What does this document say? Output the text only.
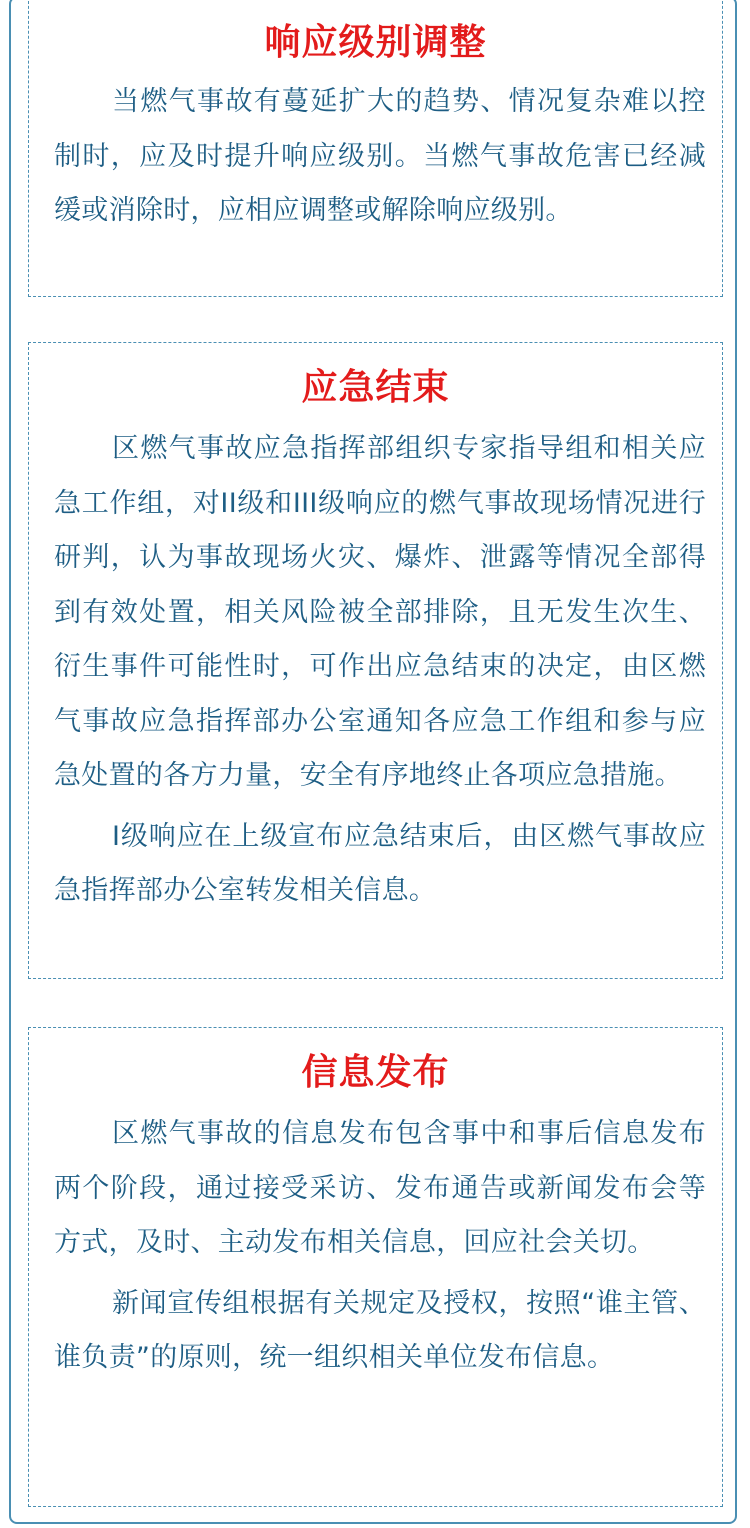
响应级别调整

当燃气事故有蔓延扩大的趋势、情况复杂难以控制时，应及时提升响应级别。当燃气事故危害已经减缓或消除时，应相应调整或解除响应级别。

应急结束

区燃气事故应急指挥部组织专家指导组和相关应急工作组，对II级和III级响应的燃气事故现场情况进行研判，认为事故现场火灾、爆炸、泄露等情况全部得到有效处置，相关风险被全部排除，且无发生次生、衍生事件可能性时，可作出应急结束的决定，由区燃气事故应急指挥部办公室通知各应急工作组和参与应急处置的各方力量，安全有序地终止各项应急措施。

I级响应在上级宣布应急结束后，由区燃气事故应急指挥部办公室转发相关信息。

信息发布

区燃气事故的信息发布包含事中和事后信息发布两个阶段，通过接受采访、发布通告或新闻发布会等方式，及时、主动发布相关信息，回应社会关切。

新闻宣传组根据有关规定及授权，按照“谁主管、谁负责”的原则，统一组织相关单位发布信息。
